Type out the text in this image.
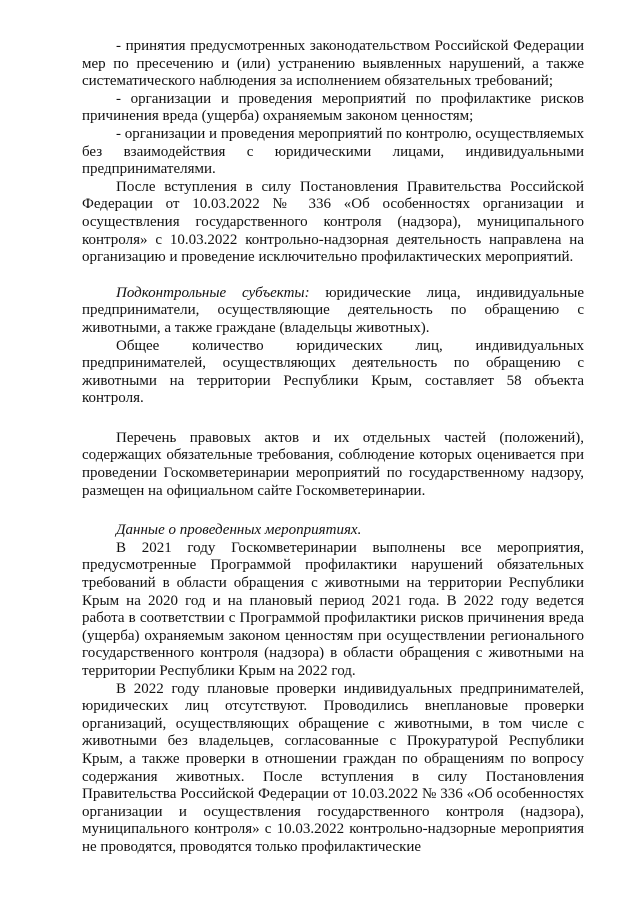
- принятия предусмотренных законодательством Российской Федерации мер по пресечению и (или) устранению выявленных нарушений, а также систематического наблюдения за исполнением обязательных требований;

- организации и проведения мероприятий по профилактике рисков причинения вреда (ущерба) охраняемым законом ценностям;

- организации и проведения мероприятий по контролю, осуществляемых без взаимодействия с юридическими лицами, индивидуальными предпринимателями.

После вступления в силу Постановления Правительства Российской Федерации от 10.03.2022 № 336 «Об особенностях организации и осуществления государственного контроля (надзора), муниципального контроля» с 10.03.2022 контрольно-надзорная деятельность направлена на организацию и проведение исключительно профилактических мероприятий.

Подконтрольные субъекты: юридические лица, индивидуальные предприниматели, осуществляющие деятельность по обращению с животными, а также граждане (владельцы животных).

Общее количество юридических лиц, индивидуальных предпринимателей, осуществляющих деятельность по обращению с животными на территории Республики Крым, составляет 58 объекта контроля.

Перечень правовых актов и их отдельных частей (положений), содержащих обязательные требования, соблюдение которых оценивается при проведении Госкомветеринарии мероприятий по государственному надзору, размещен на официальном сайте Госкомветеринарии.

Данные о проведенных мероприятиях.

В 2021 году Госкомветеринарии выполнены все мероприятия, предусмотренные Программой профилактики нарушений обязательных требований в области обращения с животными на территории Республики Крым на 2020 год и на плановый период 2021 года. В 2022 году ведется работа в соответствии с Программой профилактики рисков причинения вреда (ущерба) охраняемым законом ценностям при осуществлении регионального государственного контроля (надзора) в области обращения с животными на территории Республики Крым на 2022 год.

В 2022 году плановые проверки индивидуальных предпринимателей, юридических лиц отсутствуют. Проводились внеплановые проверки организаций, осуществляющих обращение с животными, в том числе с животными без владельцев, согласованные с Прокуратурой Республики Крым, а также проверки в отношении граждан по обращениям по вопросу содержания животных. После вступления в силу Постановления Правительства Российской Федерации от 10.03.2022 № 336 «Об особенностях организации и осуществления государственного контроля (надзора), муниципального контроля» с 10.03.2022 контрольно-надзорные мероприятия не проводятся, проводятся только профилактические
